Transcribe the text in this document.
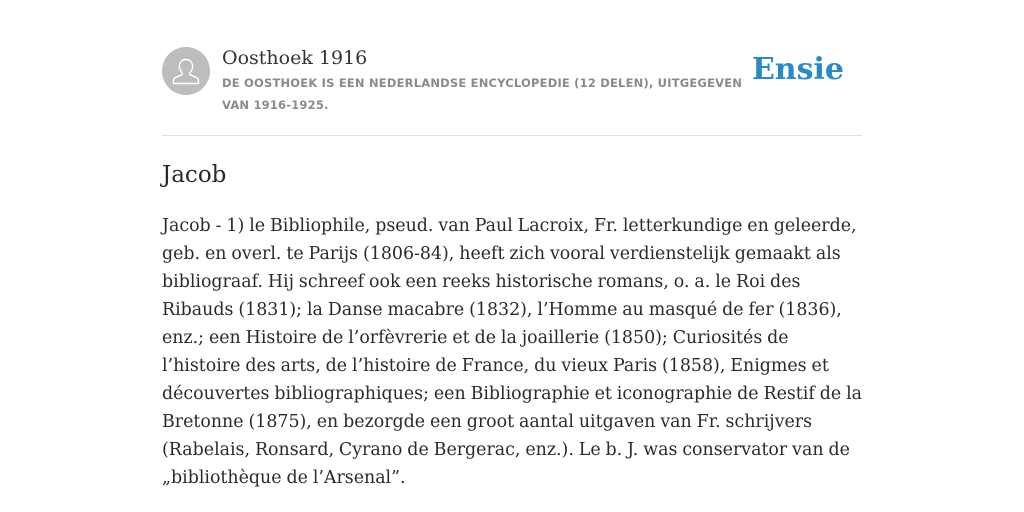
Oosthoek 1916
DE OOSTHOEK IS EEN NEDERLANDSE ENCYCLOPEDIE (12 DELEN), UITGEGEVEN VAN 1916-1925.
Ensie
Jacob

Jacob - 1) le Bibliophile, pseud. van Paul Lacroix, Fr. letterkundige en geleerde, geb. en overl. te Parijs (1806-84), heeft zich vooral verdienstelijk gemaakt als bibliograaf. Hij schreef ook een reeks historische romans, o. a. le Roi des Ribauds (1831); la Danse macabre (1832), l’Homme au masqué de fer (1836), enz.; een Histoire de l’orfèvrerie et de la joaillerie (1850); Curiosités de l’histoire des arts, de l’histoire de France, du vieux Paris (1858), Enigmes et découvertes bibliographiques; een Bibliographie et iconographie de Restif de la Bretonne (1875), en bezorgde een groot aantal uitgaven van Fr. schrijvers (Rabelais, Ronsard, Cyrano de Bergerac, enz.). Le b. J. was conservator van de „bibliothèque de l’Arsenal”.
